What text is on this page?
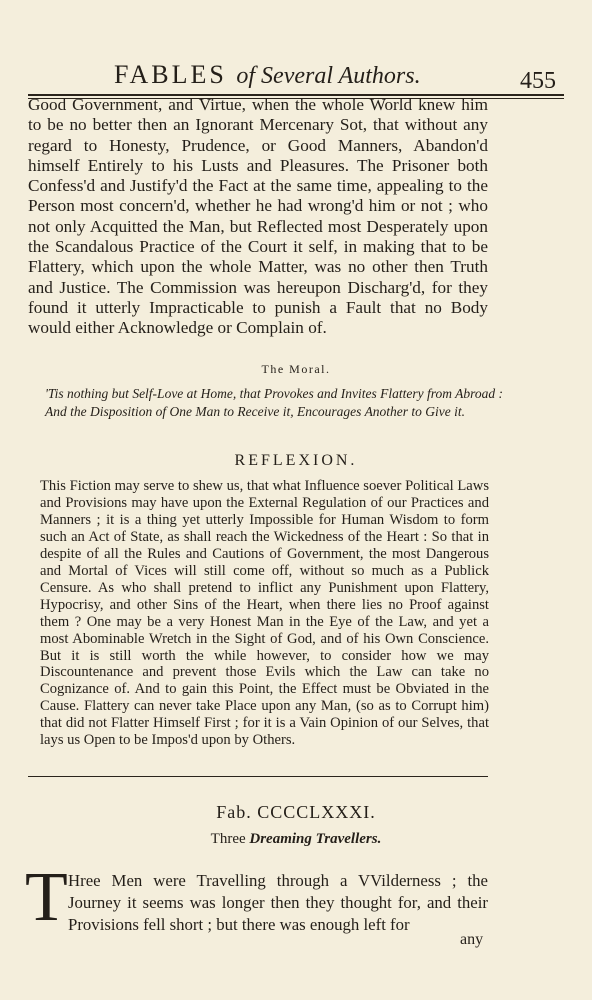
FABLES of Several Authors.	455
Good Government, and Virtue, when the whole World knew him to be no better then an Ignorant Mercenary Sot, that without any regard to Honesty, Prudence, or Good Manners, Abandon'd himself Entirely to his Lusts and Pleasures. The Prisoner both Confess'd and Justify'd the Fact at the same time, appealing to the Person most concern'd, whether he had wrong'd him or not ; who not only Acquitted the Man, but Reflected most Desperately upon the Scandalous Practice of the Court it self, in making that to be Flattery, which upon the whole Matter, was no other then Truth and Justice. The Commission was hereupon Discharg'd, for they found it utterly Impracticable to punish a Fault that no Body would either Acknowledge or Complain of.
The Moral.
'Tis nothing but Self-Love at Home, that Provokes and Invites Flattery from Abroad : And the Disposition of One Man to Receive it, Encourages Another to Give it.
REFLEXION.
This Fiction may serve to shew us, that what Influence soever Political Laws and Provisions may have upon the External Regulation of our Practices and Manners ; it is a thing yet utterly Impossible for Human Wisdom to form such an Act of State, as shall reach the Wickedness of the Heart : So that in despite of all the Rules and Cautions of Government, the most Dangerous and Mortal of Vices will still come off, without so much as a Publick Censure. As who shall pretend to inflict any Punishment upon Flattery, Hypocrisy, and other Sins of the Heart, when there lies no Proof against them ? One may be a very Honest Man in the Eye of the Law, and yet a most Abominable Wretch in the Sight of God, and of his Own Conscience. But it is still worth the while however, to consider how we may Discountenance and prevent those Evils which the Law can take no Cognizance of. And to gain this Point, the Effect must be Obviated in the Cause. Flattery can never take Place upon any Man, (so as to Corrupt him) that did not Flatter Himself First ; for it is a Vain Opinion of our Selves, that lays us Open to be Impos'd upon by Others.
Fab. CCCCLXXXI.
Three Dreaming Travellers.
T Hree Men were Travelling through a VVilderness ; the Journey it seems was longer then they thought for, and their Provisions fell short ; but there was enough left for
any
